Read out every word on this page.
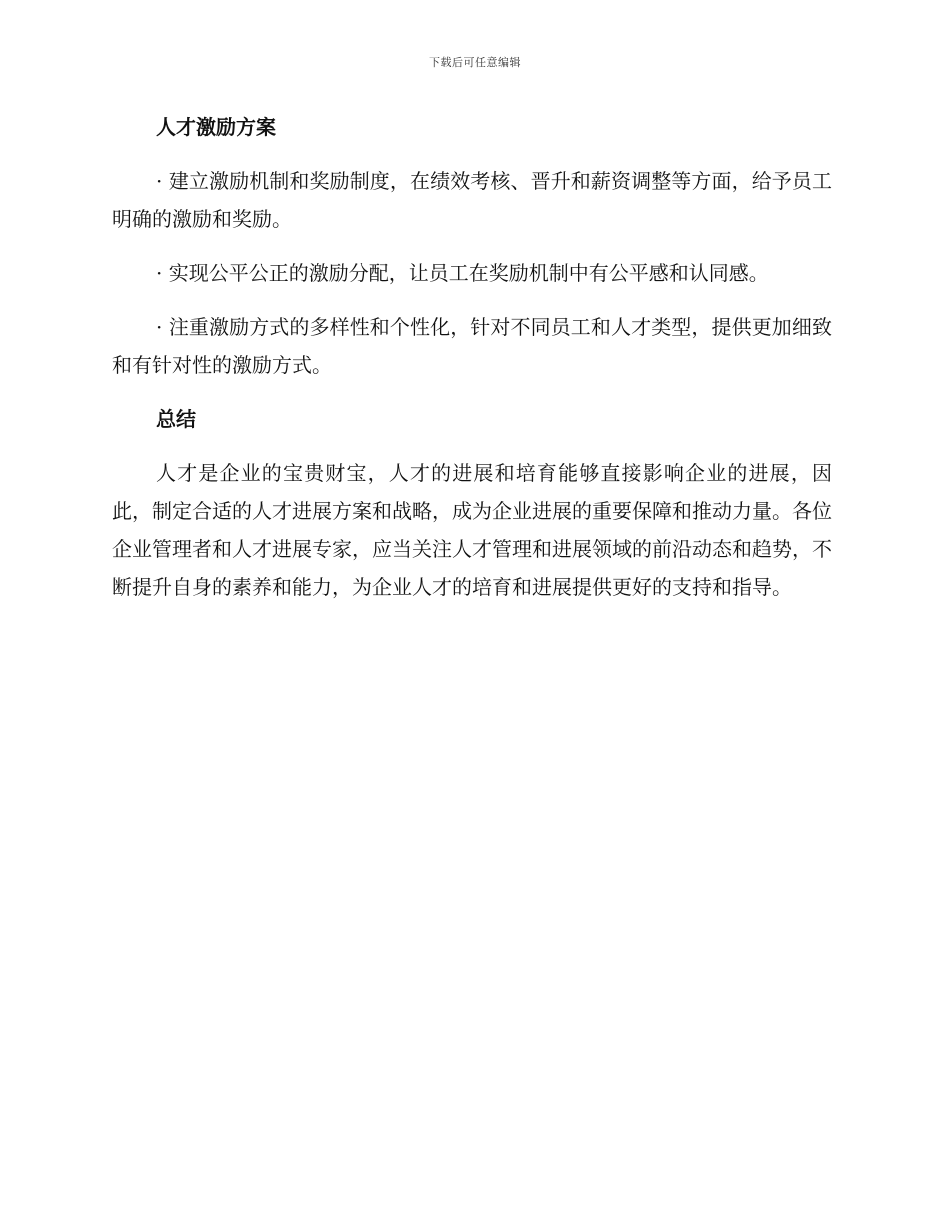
下载后可任意编辑
人才激励方案

· 建立激励机制和奖励制度，在绩效考核、晋升和薪资调整等方面，给予员工明确的激励和奖励。

· 实现公平公正的激励分配，让员工在奖励机制中有公平感和认同感。

· 注重激励方式的多样性和个性化，针对不同员工和人才类型，提供更加细致和有针对性的激励方式。

总结

人才是企业的宝贵财宝，人才的进展和培育能够直接影响企业的进展，因此，制定合适的人才进展方案和战略，成为企业进展的重要保障和推动力量。各位企业管理者和人才进展专家，应当关注人才管理和进展领域的前沿动态和趋势，不断提升自身的素养和能力，为企业人才的培育和进展提供更好的支持和指导。
